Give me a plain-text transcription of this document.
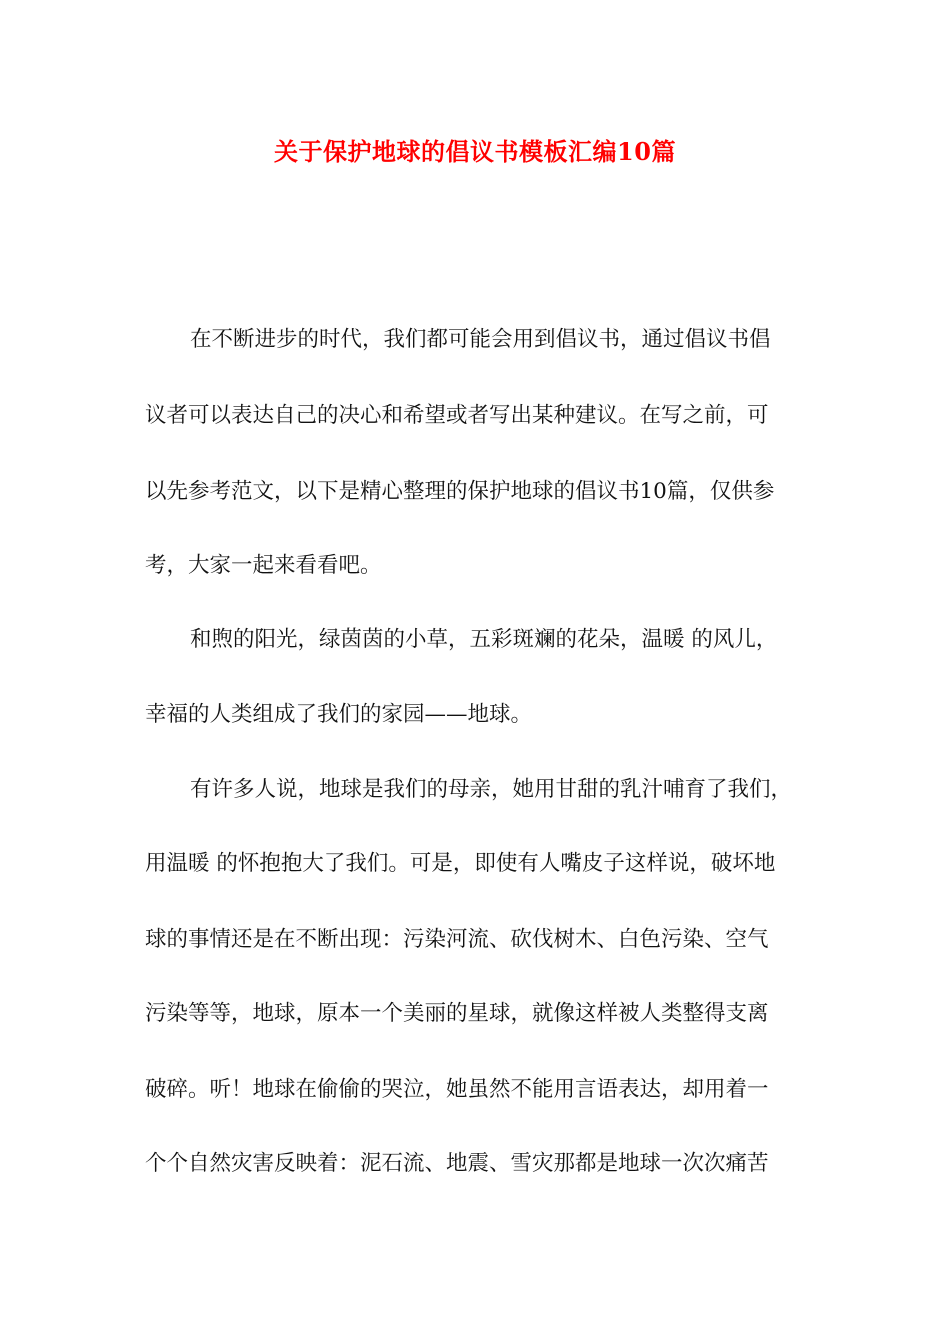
关于保护地球的倡议书模板汇编10篇
在不断进步的时代，我们都可能会用到倡议书，通过倡议书倡
议者可以表达自己的决心和希望或者写出某种建议。在写之前，可
以先参考范文，以下是精心整理的保护地球的倡议书10篇，仅供参
考，大家一起来看看吧。
和煦的阳光，绿茵茵的小草，五彩斑斓的花朵，温暖 的风儿，
幸福的人类组成了我们的家园——地球。
有许多人说，地球是我们的母亲，她用甘甜的乳汁哺育了我们，
用温暖 的怀抱抱大了我们。可是，即使有人嘴皮子这样说，破坏地
球的事情还是在不断出现：污染河流、砍伐树木、白色污染、空气
污染等等，地球，原本一个美丽的星球，就像这样被人类整得支离
破碎。听！地球在偷偷的哭泣，她虽然不能用言语表达，却用着一
个个自然灾害反映着：泥石流、地震、雪灾那都是地球一次次痛苦
